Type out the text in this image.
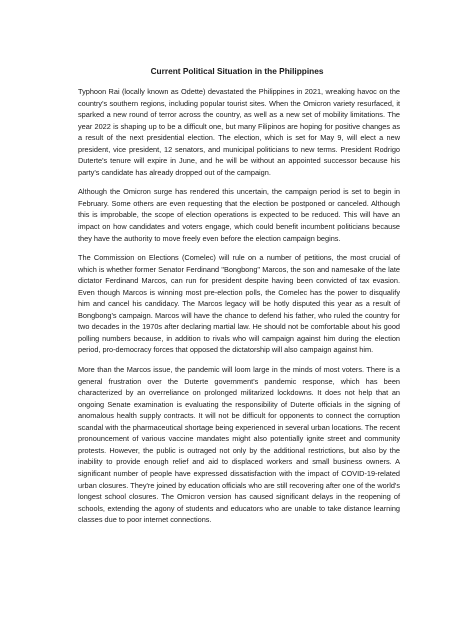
Current Political Situation in the Philippines

Typhoon Rai (locally known as Odette) devastated the Philippines in 2021, wreaking havoc on the country's southern regions, including popular tourist sites. When the Omicron variety resurfaced, it sparked a new round of terror across the country, as well as a new set of mobility limitations. The year 2022 is shaping up to be a difficult one, but many Filipinos are hoping for positive changes as a result of the next presidential election. The election, which is set for May 9, will elect a new president, vice president, 12 senators, and municipal politicians to new terms. President Rodrigo Duterte's tenure will expire in June, and he will be without an appointed successor because his party's candidate has already dropped out of the campaign.

Although the Omicron surge has rendered this uncertain, the campaign period is set to begin in February. Some others are even requesting that the election be postponed or canceled. Although this is improbable, the scope of election operations is expected to be reduced. This will have an impact on how candidates and voters engage, which could benefit incumbent politicians because they have the authority to move freely even before the election campaign begins.

The Commission on Elections (Comelec) will rule on a number of petitions, the most crucial of which is whether former Senator Ferdinand "Bongbong" Marcos, the son and namesake of the late dictator Ferdinand Marcos, can run for president despite having been convicted of tax evasion. Even though Marcos is winning most pre-election polls, the Comelec has the power to disqualify him and cancel his candidacy. The Marcos legacy will be hotly disputed this year as a result of Bongbong's campaign. Marcos will have the chance to defend his father, who ruled the country for two decades in the 1970s after declaring martial law. He should not be comfortable about his good polling numbers because, in addition to rivals who will campaign against him during the election period, pro-democracy forces that opposed the dictatorship will also campaign against him.

More than the Marcos issue, the pandemic will loom large in the minds of most voters. There is a general frustration over the Duterte government's pandemic response, which has been characterized by an overreliance on prolonged militarized lockdowns. It does not help that an ongoing Senate examination is evaluating the responsibility of Duterte officials in the signing of anomalous health supply contracts. It will not be difficult for opponents to connect the corruption scandal with the pharmaceutical shortage being experienced in several urban locations. The recent pronouncement of various vaccine mandates might also potentially ignite street and community protests. However, the public is outraged not only by the additional restrictions, but also by the inability to provide enough relief and aid to displaced workers and small business owners. A significant number of people have expressed dissatisfaction with the impact of COVID-19-related urban closures. They're joined by education officials who are still recovering after one of the world's longest school closures. The Omicron version has caused significant delays in the reopening of schools, extending the agony of students and educators who are unable to take distance learning classes due to poor internet connections.
